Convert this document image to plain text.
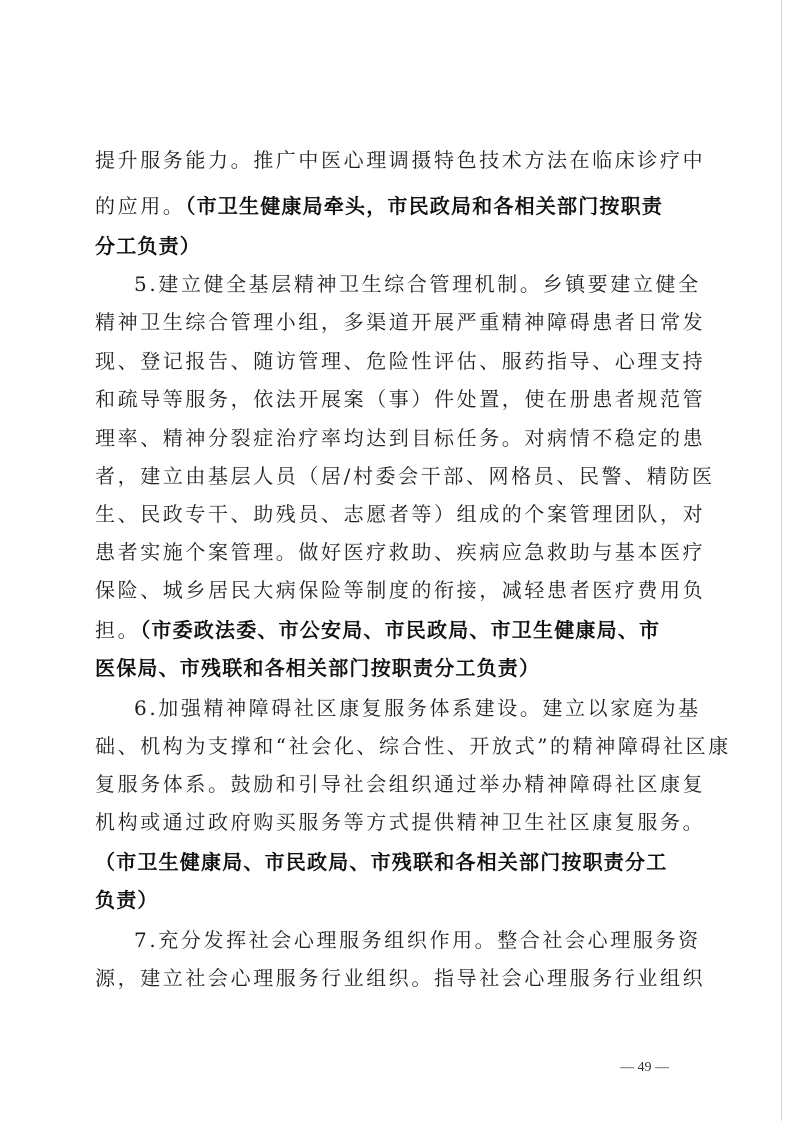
提升服务能力。推广中医心理调摄特色技术方法在临床诊疗中
的应用。（市卫生健康局牵头，市民政局和各相关部门按职责
分工负责）
5.建立健全基层精神卫生综合管理机制。乡镇要建立健全
精神卫生综合管理小组，多渠道开展严重精神障碍患者日常发
现、登记报告、随访管理、危险性评估、服药指导、心理支持
和疏导等服务，依法开展案（事）件处置，使在册患者规范管
理率、精神分裂症治疗率均达到目标任务。对病情不稳定的患
者，建立由基层人员（居/村委会干部、网格员、民警、精防医
生、民政专干、助残员、志愿者等）组成的个案管理团队，对
患者实施个案管理。做好医疗救助、疾病应急救助与基本医疗
保险、城乡居民大病保险等制度的衔接，减轻患者医疗费用负
担。（市委政法委、市公安局、市民政局、市卫生健康局、市
医保局、市残联和各相关部门按职责分工负责）
6.加强精神障碍社区康复服务体系建设。建立以家庭为基
础、机构为支撑和“社会化、综合性、开放式”的精神障碍社区康
复服务体系。鼓励和引导社会组织通过举办精神障碍社区康复
机构或通过政府购买服务等方式提供精神卫生社区康复服务。
（市卫生健康局、市民政局、市残联和各相关部门按职责分工
负责）
7.充分发挥社会心理服务组织作用。整合社会心理服务资
源，建立社会心理服务行业组织。指导社会心理服务行业组织
— 49 —
